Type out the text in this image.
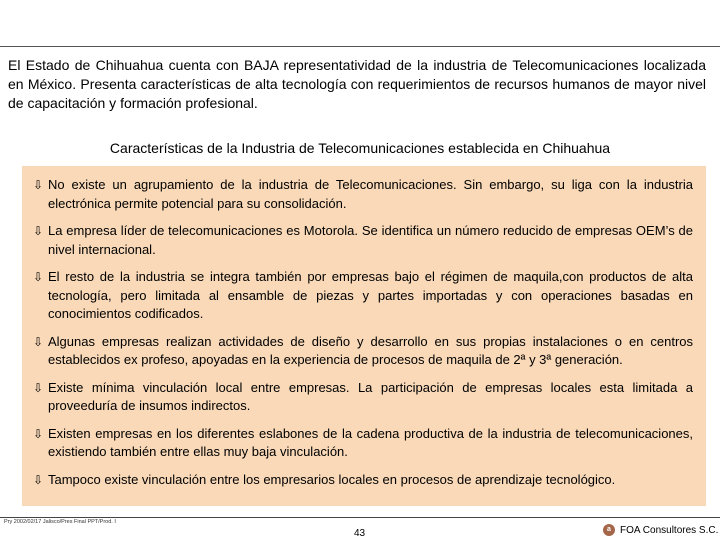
El Estado de Chihuahua cuenta con BAJA representatividad de la industria de Telecomunicaciones localizada en México. Presenta características de alta tecnología con requerimientos de recursos humanos de mayor nivel de capacitación y formación profesional.
Características de la Industria de Telecomunicaciones establecida en Chihuahua
⇩ No existe un agrupamiento de la industria de Telecomunicaciones. Sin embargo, su liga con la industria electrónica permite potencial para su consolidación.
⇩ La empresa líder de telecomunicaciones es Motorola. Se identifica un número reducido de empresas OEM’s de nivel internacional.
⇩ El resto de la industria se integra también por empresas bajo el régimen de maquila,con productos de alta tecnología, pero limitada al ensamble de piezas y partes importadas y con operaciones basadas en conocimientos codificados.
⇩ Algunas empresas realizan actividades de diseño y desarrollo en sus propias instalaciones o en centros establecidos ex profeso, apoyadas en la experiencia de procesos de maquila de 2ª y 3ª generación.
⇩ Existe mínima vinculación local entre empresas. La participación de empresas locales esta limitada a proveeduría de insumos indirectos.
⇩ Existen empresas en los diferentes eslabones de la cadena productiva de la industria de telecomunicaciones, existiendo también entre ellas muy baja vinculación.
⇩ Tampoco existe vinculación entre los empresarios locales en procesos de aprendizaje tecnológico.
Pry 2002/02/17 Jalisco/Pres Final PPT/Prod. I
43	a FOA Consultores S.C.
